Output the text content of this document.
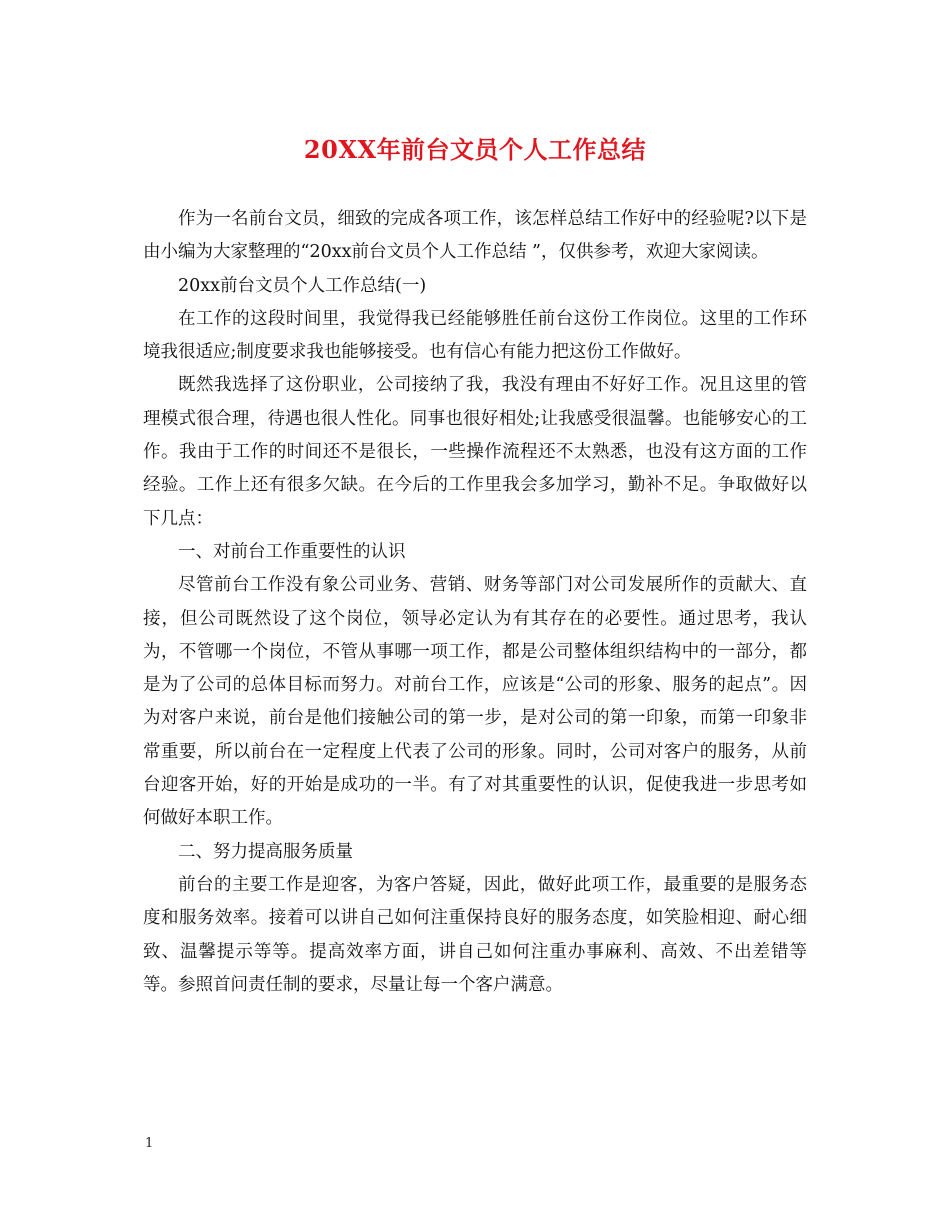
20XX年前台文员个人工作总结

作为一名前台文员，细致的完成各项工作，该怎样总结工作好中的经验呢?以下是由小编为大家整理的“20xx前台文员个人工作总结 ”，仅供参考，欢迎大家阅读。

20xx前台文员个人工作总结(一)

在工作的这段时间里，我觉得我已经能够胜任前台这份工作岗位。这里的工作环境我很适应;制度要求我也能够接受。也有信心有能力把这份工作做好。

既然我选择了这份职业，公司接纳了我，我没有理由不好好工作。况且这里的管理模式很合理，待遇也很人性化。同事也很好相处;让我感受很温馨。也能够安心的工作。我由于工作的时间还不是很长，一些操作流程还不太熟悉，也没有这方面的工作经验。工作上还有很多欠缺。在今后的工作里我会多加学习，勤补不足。争取做好以下几点：

一、对前台工作重要性的认识

尽管前台工作没有象公司业务、营销、财务等部门对公司发展所作的贡献大、直接，但公司既然设了这个岗位，领导必定认为有其存在的必要性。通过思考，我认为，不管哪一个岗位，不管从事哪一项工作，都是公司整体组织结构中的一部分，都是为了公司的总体目标而努力。对前台工作，应该是“公司的形象、服务的起点”。因为对客户来说，前台是他们接触公司的第一步，是对公司的第一印象，而第一印象非常重要，所以前台在一定程度上代表了公司的形象。同时，公司对客户的服务，从前台迎客开始，好的开始是成功的一半。有了对其重要性的认识，促使我进一步思考如何做好本职工作。

二、努力提高服务质量

前台的主要工作是迎客，为客户答疑，因此，做好此项工作，最重要的是服务态度和服务效率。接着可以讲自己如何注重保持良好的服务态度，如笑脸相迎、耐心细致、温馨提示等等。提高效率方面，讲自己如何注重办事麻利、高效、不出差错等等。参照首问责任制的要求，尽量让每一个客户满意。

1
